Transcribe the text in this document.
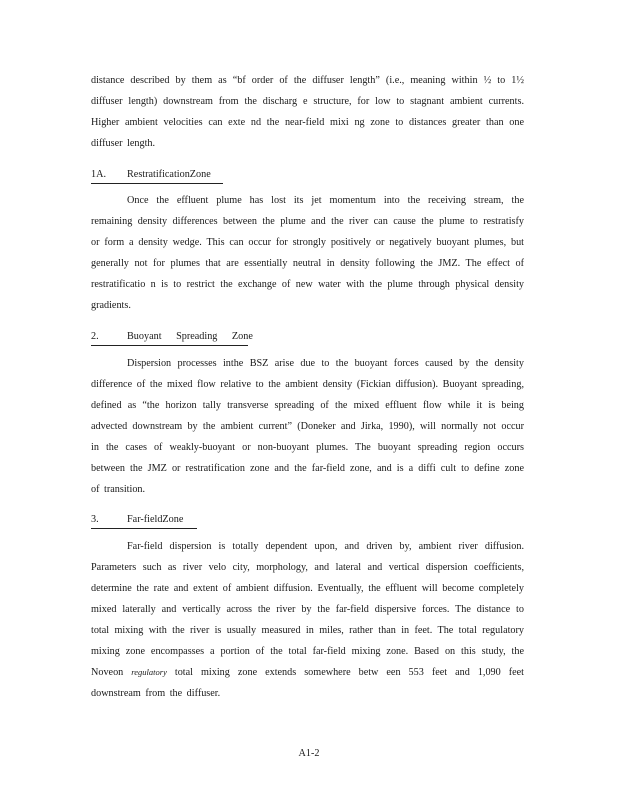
distance described by them as “bf order of the diffuser length” (i.e., meaning within ½ to 1½ diffuser length) downstream from the discharg e structure, for low to stagnant ambient currents. Higher ambient velocities can exte nd the near-field mixi ng zone to distances greater than one diffuser length.

1A. RestratificationZone

Once the effluent plume has lost its jet momentum into the receiving stream, the remaining density differences between the plume and the river can cause the plume to restratisfy or form a density wedge. This can occur for strongly positively or negatively buoyant plumes, but generally not for plumes that are essentially neutral in density following the JMZ. The effect of restratificatio n is to restrict the exchange of new water with the plume through physical density gradients.

2.	Buoyant Spreading Zone

Dispersion processes inthe BSZ arise due to the buoyant forces caused by the density difference of the mixed flow relative to the ambient density (Fickian diffusion). Buoyant spreading, defined as “the horizon tally transverse spreading of the mixed effluent flow while it is being advected downstream by the ambient current” (Doneker and Jirka, 1990), will normally not occur in the cases of weakly-buoyant or non-buoyant plumes. The buoyant spreading region occurs between the JMZ or restratification zone and the far-field zone, and is a diffi cult to define zone of transition.

3.	Far-fieldZone

Far-field dispersion is totally dependent upon, and driven by, ambient river diffusion. Parameters such as river velo city, morphology, and lateral and vertical dispersion coefficients, determine the rate and extent of ambient diffusion. Eventually, the effluent will become completely mixed laterally and vertically across the river by the far-field dispersive forces. The distance to total mixing with the river is usually measured in miles, rather than in feet. The total regulatory mixing zone encompasses a portion of the total far-field mixing zone. Based on this study, the Noveon regulatory total mixing zone extends somewhere betw een 553 feet and 1,090 feet downstream from the diffuser.

A1-2
